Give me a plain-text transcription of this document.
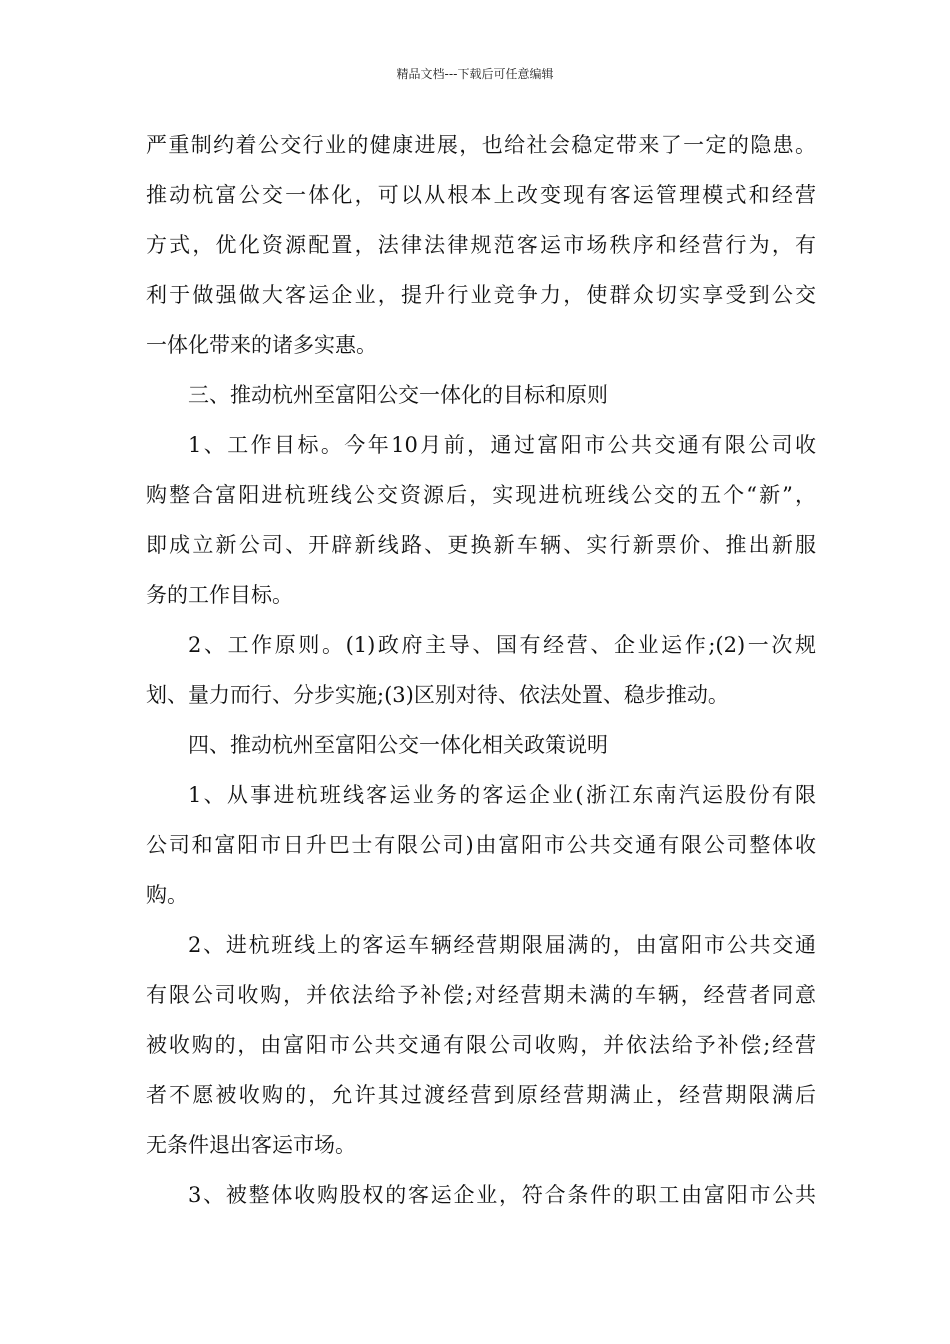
精品文档---下载后可任意编辑
严重制约着公交行业的健康进展，也给社会稳定带来了一定的隐患。
推动杭富公交一体化，可以从根本上改变现有客运管理模式和经营
方式，优化资源配置，法律法律规范客运市场秩序和经营行为，有
利于做强做大客运企业，提升行业竞争力，使群众切实享受到公交
一体化带来的诸多实惠。
三、推动杭州至富阳公交一体化的目标和原则
1、工作目标。今年10月前，通过富阳市公共交通有限公司收
购整合富阳进杭班线公交资源后，实现进杭班线公交的五个“新”，
即成立新公司、开辟新线路、更换新车辆、实行新票价、推出新服
务的工作目标。
2、工作原则。(1)政府主导、国有经营、企业运作;(2)一次规
划、量力而行、分步实施;(3)区别对待、依法处置、稳步推动。
四、推动杭州至富阳公交一体化相关政策说明
1、从事进杭班线客运业务的客运企业(浙江东南汽运股份有限
公司和富阳市日升巴士有限公司)由富阳市公共交通有限公司整体收
购。
2、进杭班线上的客运车辆经营期限届满的，由富阳市公共交通
有限公司收购，并依法给予补偿;对经营期未满的车辆，经营者同意
被收购的，由富阳市公共交通有限公司收购，并依法给予补偿;经营
者不愿被收购的，允许其过渡经营到原经营期满止，经营期限满后
无条件退出客运市场。
3、被整体收购股权的客运企业，符合条件的职工由富阳市公共
